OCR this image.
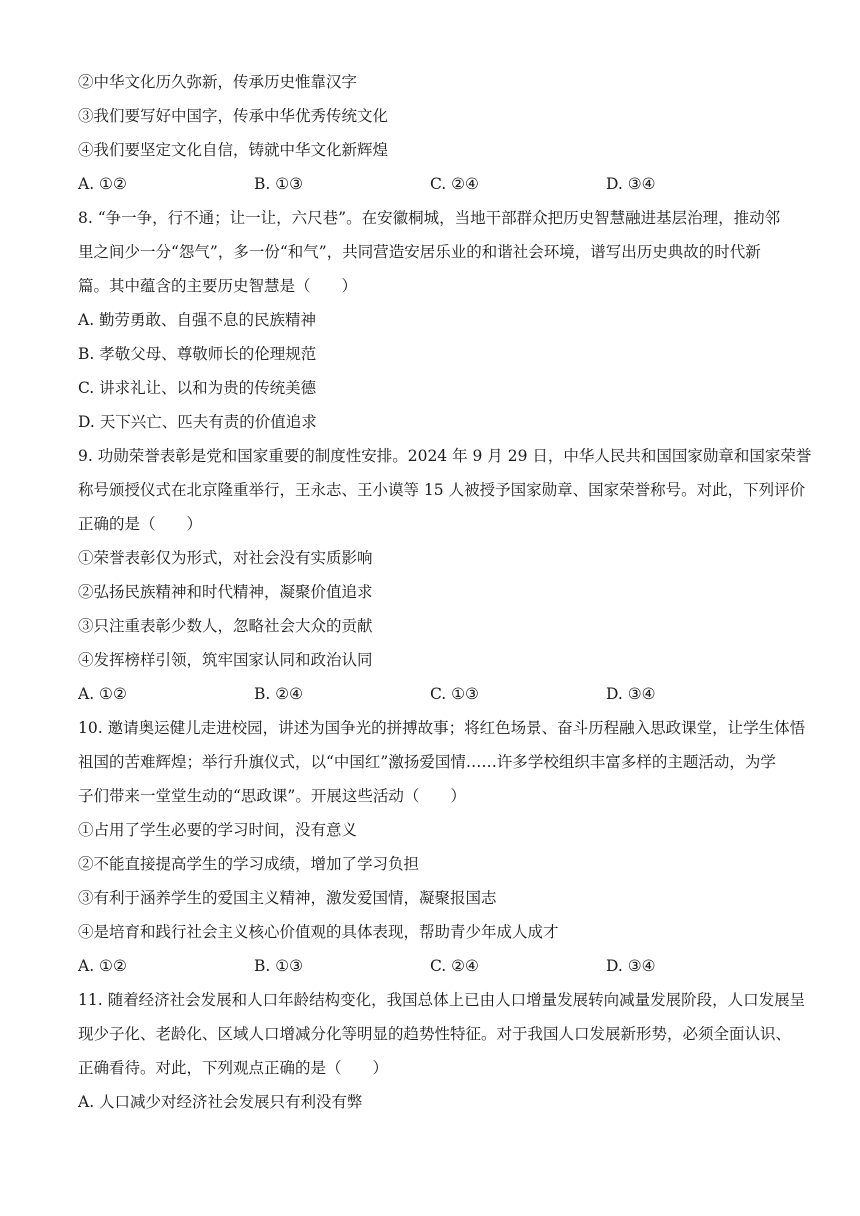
②中华文化历久弥新，传承历史惟靠汉字
③我们要写好中国字，传承中华优秀传统文化
④我们要坚定文化自信，铸就中华文化新辉煌
A. ①②	B. ①③	C. ②④	D. ③④
8. “争一争，行不通；让一让，六尺巷”。在安徽桐城，当地干部群众把历史智慧融进基层治理，推动邻
里之间少一分“怨气”，多一份“和气”，共同营造安居乐业的和谐社会环境，谱写出历史典故的时代新
篇。其中蕴含的主要历史智慧是（　　）
A. 勤劳勇敢、自强不息的民族精神
B. 孝敬父母、尊敬师长的伦理规范
C. 讲求礼让、以和为贵的传统美德
D. 天下兴亡、匹夫有责的价值追求
9. 功勋荣誉表彰是党和国家重要的制度性安排。2024 年 9 月 29 日，中华人民共和国国家勋章和国家荣誉
称号颁授仪式在北京隆重举行，王永志、王小谟等 15 人被授予国家勋章、国家荣誉称号。对此，下列评价
正确的是（　　）
①荣誉表彰仅为形式，对社会没有实质影响
②弘扬民族精神和时代精神，凝聚价值追求
③只注重表彰少数人，忽略社会大众的贡献
④发挥榜样引领，筑牢国家认同和政治认同
A. ①②	B. ②④	C. ①③	D. ③④
10. 邀请奥运健儿走进校园，讲述为国争光的拼搏故事；将红色场景、奋斗历程融入思政课堂，让学生体悟
祖国的苦难辉煌；举行升旗仪式，以“中国红”激扬爱国情……许多学校组织丰富多样的主题活动，为学
子们带来一堂堂生动的“思政课”。开展这些活动（　　）
①占用了学生必要的学习时间，没有意义
②不能直接提高学生的学习成绩，增加了学习负担
③有利于涵养学生的爱国主义精神，激发爱国情，凝聚报国志
④是培育和践行社会主义核心价值观的具体表现，帮助青少年成人成才
A. ①②	B. ①③	C. ②④	D. ③④
11. 随着经济社会发展和人口年龄结构变化，我国总体上已由人口增量发展转向减量发展阶段，人口发展呈
现少子化、老龄化、区域人口增减分化等明显的趋势性特征。对于我国人口发展新形势，必须全面认识、
正确看待。对此，下列观点正确的是（　　）
A. 人口减少对经济社会发展只有利没有弊
